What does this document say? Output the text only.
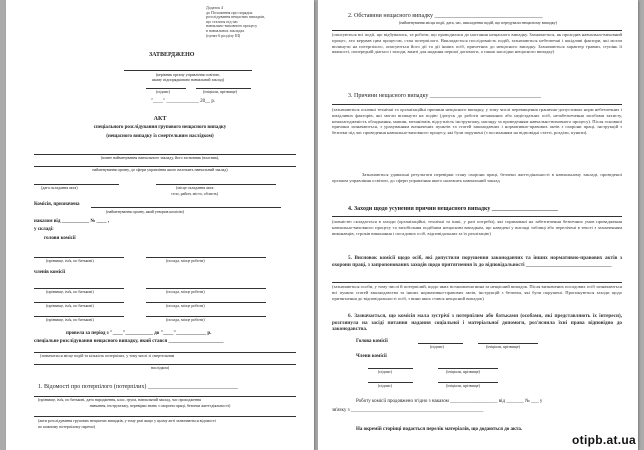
Додаток 4
до Положення про порядок
розслідування нещасних випадків,
що сталися під час
навчально-виховного процесу
в навчальних закладах
(пункт 6 розділу III)
ЗАТВЕРДЖЕНО
(керівник органу управління освітою,
якому підпорядковано навчальний заклад)
(підпис)	(ініціали, прізвище)
"____" _____________ 20__ р.
АКТ
спеціального розслідування групового нещасного випадку
(нещасного випадку із смертельним наслідком)
(повне найменування навчального закладу, його засновник (власник),
найменування органу, до сфери управління якого належить навчальний заклад)
(дата складання акта)	(місце складання акта:
село, район, місто, область)
Комісія, призначена
(найменування органу, який утворив комісію)
наказом від ___________ № ____ ,
у складі:
голови комісії
(прізвище, ім'я, по батькові)	(посада, місце роботи)
членів комісії
(прізвище, ім'я, по батькові)	(посада, місце роботи)
(прізвище, ім'я, по батькові)	(посада, місце роботи)
(прізвище, ім'я, по батькові)	(посада, місце роботи)
провела за період з "____"___________ до "____"____________ р.
спеціальне розслідування нещасного випадку, який стався ______________________
(зазначається місце подій та кількість потерпілих, у тому числі зі смертельним
наслідком)
1. Відомості про потерпілого (потерпілих) ______________________________
(прізвище, ім'я, по батькові, дата народження, клас, група, навчальний заклад, час проходження
навчання, інструктажу, перевірки знань з охорони праці, безпеки життєдіяльності)
(акти розслідування групових нещасних випадків, у тому разі якщо у цьому акті зазначаються відомості
по кожному потерпілому окремо)
2. Обставини нещасного випадку ____________________________________
(найменування місця події, дата, час, викладення подій, що передували нещасному випадку)
(описуються всі події, що відбувались, та роботи, що проводилися до настання нещасного випадку. Зазначається, як проходив навчально-виховний процес, хто керував цим процесом, стан потерпілого. Викладається послідовність подій, зазначаються небезпечні і шкідливі фактори, які могли вплинути на потерпілого, описуються його дії та дії інших осіб, причетних до нещасного випадку. Зазначаються характер травми, ступінь її важкості, попередній діагноз і заходи, вжиті для надання першої допомоги, а також наслідки нещасного випадку)
3. Причини нещасного випадку _____________________________________
(зазначаються основні технічні та організаційні причини нещасного випадку, у тому числі перевищення гранично-допустимих норм небезпечних і шкідливих факторів, які могли вплинути на подію (допуск до роботи незаконних або недієздатних осіб, незабезпечення засобами захисту, неналагодженість обладнання, машин, механізмів, відсутність інструктажу, нагляду за проведенням навчально-виховного процесу). Після основної причини зазначаються, з урахуванням визначених пунктів та статей законодавчих і нормативно-правових актів з охорони праці, інструкцій з безпеки під час проведення навчально-виховного процесу, які були порушені (з посиланням на відповідні статті, розділи, пункти).
Зазначаються удавальні результати перевірки стану охорони праці, безпеки життєдіяльності в навчальному закладі, проведеної органом управління освітою, до сфери управління якого належить навчальний заклад
4. Заходи щодо усунення причин нещасного випадку ______________________
(повністю складається в заходи (організаційні, технічні та інші, у разі потреби), які спрямовані на забезпечення безпечних умов провадження навчально-виховного процесу та запобігання подібним нещасним випадкам, що наведені у вигляді таблиці або перелічені в тексті з зазначенням виконавців, строків виконання і посадових осіб, відповідальних за їх реалізацію)
5. Висновок комісії щодо осіб, які допустили порушення законодавчих та інших нормативно-правових актів з охорони праці, з запропонованих заходів щодо притягнення їх до відповідальності _________________________________
(зазначаються особи, у тому числі й потерпілий, щодо яких встановлена вина за нещасний випадок. Після визначених посадових осіб зазначаються всі пункти статей законодавства та інших нормативно-правових актів, інструкцій з безпеки, які були порушені. Пропонуються заходи щодо притягнення до відповідальності осіб, з вини яких стався нещасний випадок)
6. Зазначається, що комісія мала зустрічі з потерпілим або батьками (особами, які представляють їх інтереси), розглянула на засіді питання надання соціальної і матеріальної допомоги, роз'яснила їхні права відповідно до законодавства.
Голова комісії
(підпис)	(ініціали, прізвище)
Члени комісії
(підпис)	(ініціали, прізвище)
(підпис)	(ініціали, прізвище)
Роботу комісії продовжено згідно з наказом ___________________ від _______ № ___ у
зв'язку з _____________________________________________________
На окремій сторінці подається перелік матеріалів, що додаються до акта.
otipb.at.ua
